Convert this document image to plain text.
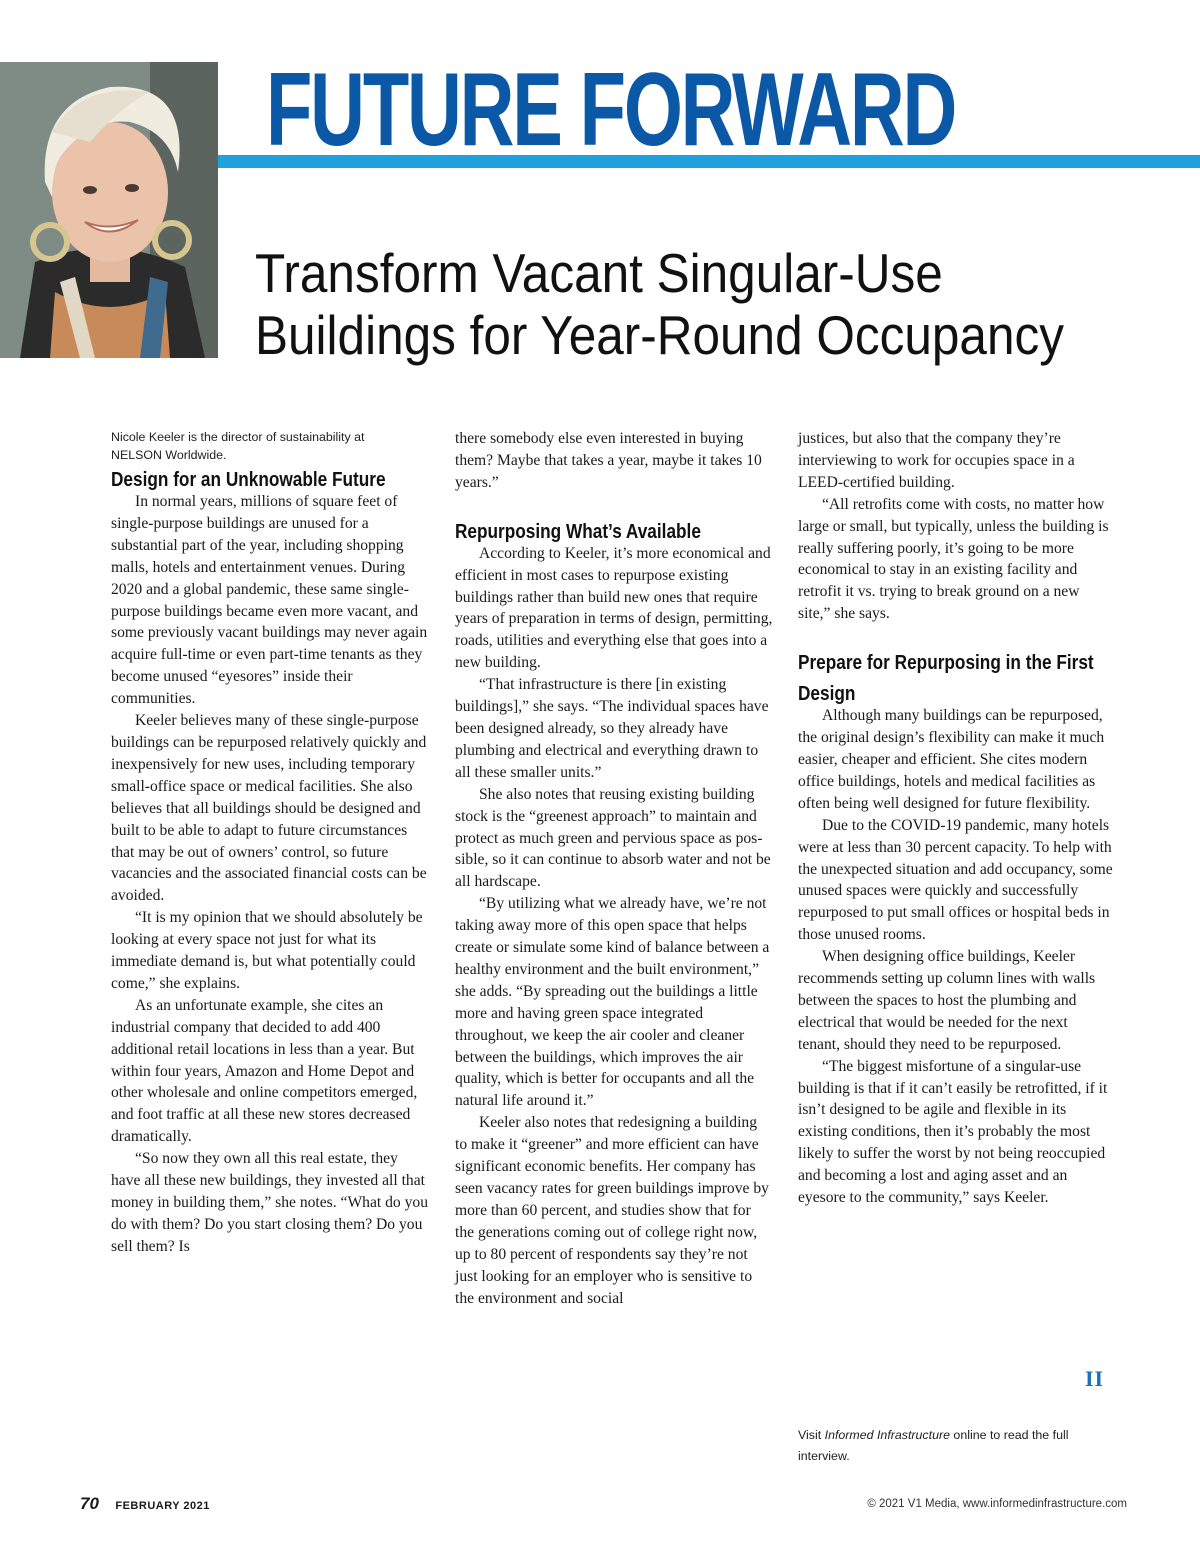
FUTURE FORWARD
Transform Vacant Singular-Use
Buildings for Year-Round Occupancy

Nicole Keeler is the director of sustainability at NELSON Worldwide.

Design for an Unknowable Future

In normal years, millions of square feet of single-purpose buildings are unused for a substantial part of the year, including shopping malls, hotels and entertainment venues. During 2020 and a global pandemic, these same single-purpose buildings became even more vacant, and some previously vacant buildings may never again acquire full-time or even part-time tenants as they become unused “eyesores” inside their communities.

Keeler believes many of these single-purpose buildings can be repurposed relatively quickly and inexpensively for new uses, including temporary small-office space or medical facilities. She also believes that all buildings should be designed and built to be able to adapt to future circumstances that may be out of owners’ control, so future vacancies and the associated financial costs can be avoided.

“It is my opinion that we should absolutely be looking at every space not just for what its immediate demand is, but what potentially could come,” she explains.

As an unfortunate example, she cites an industrial company that decided to add 400 additional retail locations in less than a year. But within four years, Amazon and Home Depot and other wholesale and online competitors emerged, and foot traffic at all these new stores decreased dramatically.

“So now they own all this real estate, they have all these new buildings, they invested all that money in building them,” she notes. “What do you do with them? Do you start closing them? Do you sell them? Is

there somebody else even interested in buying them? Maybe that takes a year, maybe it takes 10 years.”

Repurposing What’s Available

According to Keeler, it’s more economical and efficient in most cases to repurpose existing buildings rather than build new ones that require years of preparation in terms of design, permitting, roads, utilities and everything else that goes into a new building.

“That infrastructure is there [in existing buildings],” she says. “The individual spaces have been designed already, so they already have plumbing and electrical and everything drawn to all these smaller units.”

She also notes that reusing existing building stock is the “greenest approach” to maintain and protect as much green and pervious space as possible, so it can continue to absorb water and not be all hardscape.

“By utilizing what we already have, we’re not taking away more of this open space that helps create or simulate some kind of balance between a healthy environment and the built environment,” she adds. “By spreading out the buildings a little more and having green space integrated throughout, we keep the air cooler and cleaner between the buildings, which improves the air quality, which is better for occupants and all the natural life around it.”

Keeler also notes that redesigning a building to make it “greener” and more efficient can have significant economic benefits. Her company has seen vacancy rates for green buildings improve by more than 60 percent, and studies show that for the generations coming out of college right now, up to 80 percent of respondents say they’re not just looking for an employer who is sensitive to the environment and social

justices, but also that the company they’re interviewing to work for occupies space in a LEED-certified building.

“All retrofits come with costs, no matter how large or small, but typically, unless the building is really suffering poorly, it’s going to be more economical to stay in an existing facility and retrofit it vs. trying to break ground on a new site,” she says.

Prepare for Repurposing in the First Design

Although many buildings can be repurposed, the original design’s flexibility can make it much easier, cheaper and efficient. She cites modern office buildings, hotels and medical facilities as often being well designed for future flexibility.

Due to the COVID-19 pandemic, many hotels were at less than 30 percent capacity. To help with the unexpected situation and add occupancy, some unused spaces were quickly and successfully repurposed to put small offices or hospital beds in those unused rooms.

When designing office buildings, Keeler recommends setting up column lines with walls between the spaces to host the plumbing and electrical that would be needed for the next tenant, should they need to be repurposed.

“The biggest misfortune of a singular-use building is that if it can’t easily be retrofitted, if it isn’t designed to be agile and flexible in its existing conditions, then it’s probably the most likely to suffer the worst by not being reoccupied and becoming a lost and aging asset and an eyesore to the community,” says Keeler.

II
Visit Informed Infrastructure online to read the full interview.
70 FEBRUARY 2021	© 2021 V1 Media, www.informedinfrastructure.com
